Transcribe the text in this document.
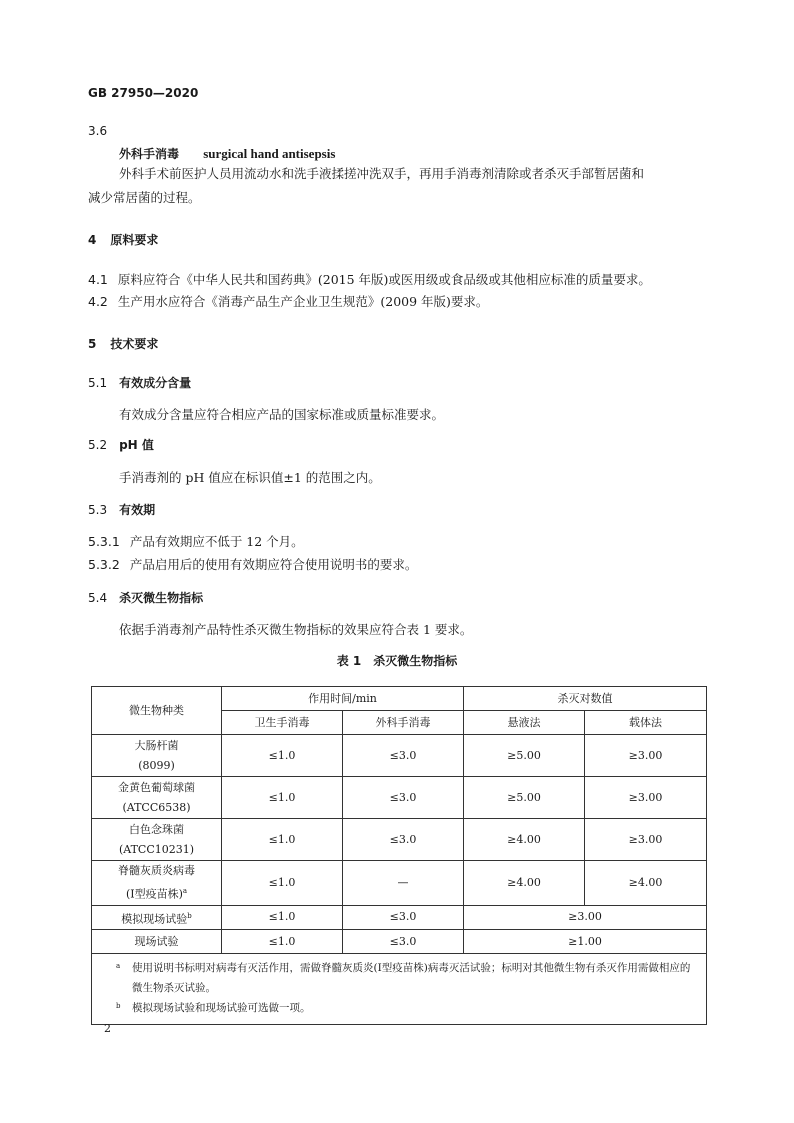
GB 27950—2020
3.6
外科手消毒 surgical hand antisepsis
外科手术前医护人员用流动水和洗手液揉搓冲洗双手，再用手消毒剂清除或者杀灭手部暂居菌和
减少常居菌的过程。
4 原料要求
4.1 原料应符合《中华人民共和国药典》(2015 年版)或医用级或食品级或其他相应标准的质量要求。
4.2 生产用水应符合《消毒产品生产企业卫生规范》(2009 年版)要求。
5 技术要求
5.1 有效成分含量
有效成分含量应符合相应产品的国家标准或质量标准要求。
5.2 pH 值
手消毒剂的 pH 值应在标识值±1 的范围之内。
5.3 有效期
5.3.1 产品有效期应不低于 12 个月。
5.3.2 产品启用后的使用有效期应符合使用说明书的要求。
5.4 杀灭微生物指标
依据手消毒剂产品特性杀灭微生物指标的效果应符合表 1 要求。
表 1　杀灭微生物指标
微生物种类	作用时间/min		杀灭对数值	
	卫生手消毒	外科手消毒	悬液法	载体法

大肠杆菌
(8099)	≤1.0	≤3.0	≥5.00	≥3.00

金黄色葡萄球菌
(ATCC6538)	≤1.0	≤3.0	≥5.00	≥3.00

白色念珠菌
(ATCC10231)	≤1.0	≤3.0	≥4.00	≥3.00

脊髓灰质炎病毒
(Ⅰ型疫苗株)$^a$	≤1.0	—	≥4.00	≥4.00
模拟现场试验$^b$	≤1.0	≤3.0	≥3.00	
现场试验	≤1.0	≤3.0	≥1.00	

a 使用说明书标明对病毒有灭活作用，需做脊髓灰质炎(Ⅰ型疫苗株)病毒灭活试验；标明对其他微生物有杀灭作用需做相应的微生物杀灭试验。
b 模拟现场试验和现场试验可选做一项。				
2
